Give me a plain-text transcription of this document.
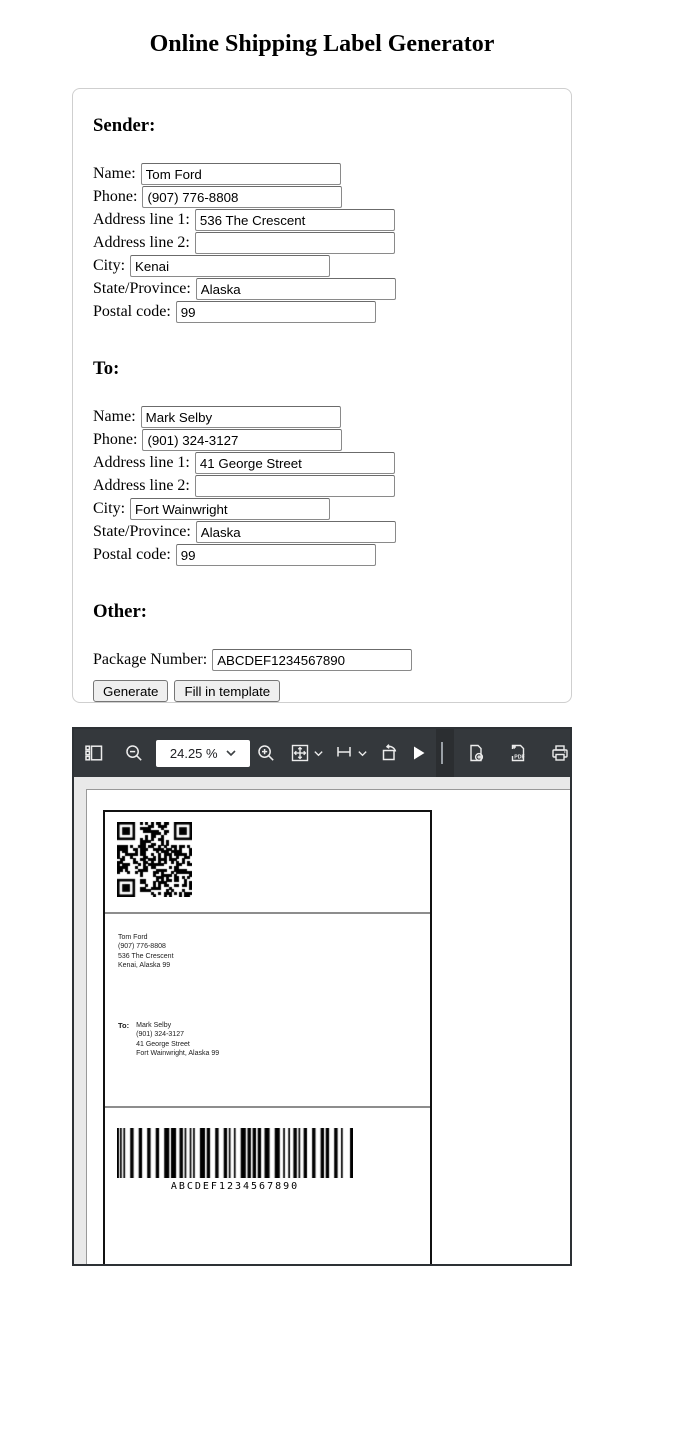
Online Shipping Label Generator
Sender:
Name:Tom Ford
Phone:(907) 776-8808
Address line 1:536 The Crescent
Address line 2:
City:Kenai
State/Province:Alaska
Postal code:99
To:
Name:Mark Selby
Phone:(901) 324-3127
Address line 1:41 George Street
Address line 2:
City:Fort Wainwright
State/Province:Alaska
Postal code:99
Other:
Package Number:ABCDEF1234567890
Generate Fill in template
24.25 %	PDF
Tom Ford
(907) 776-8808
536 The Crescent
Kenai, Alaska 99
To: Mark Selby
(901) 324-3127
41 George Street
Fort Wainwright, Alaska 99
ABCDEF1234567890
